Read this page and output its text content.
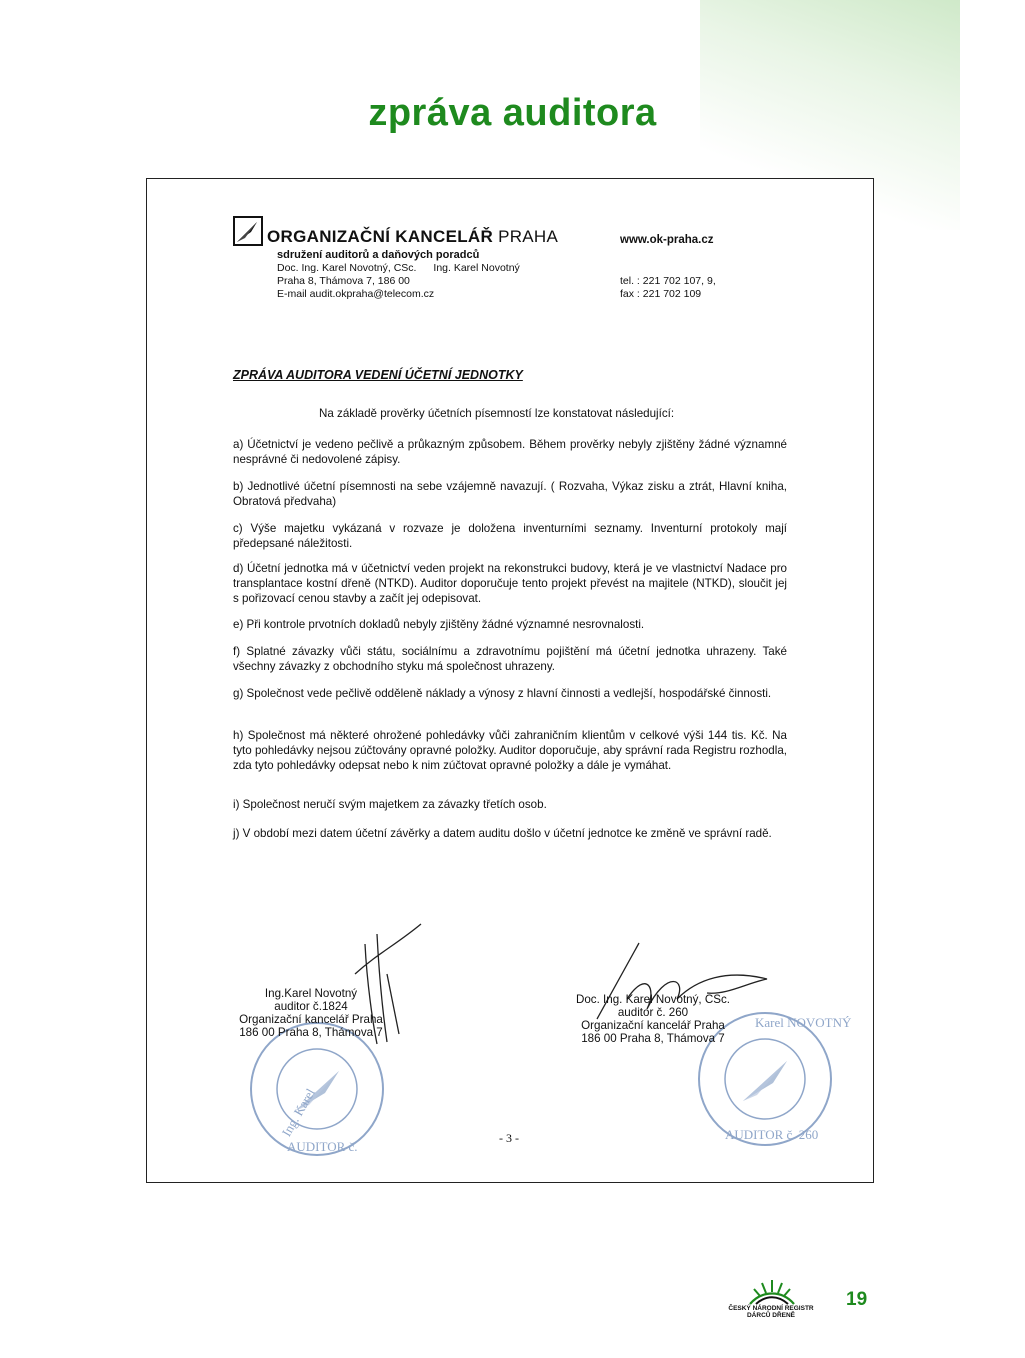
zpráva auditora
ORGANIZAČNÍ KANCELÁŘ PRAHA
sdružení auditorů a daňových poradců
Doc. Ing. Karel Novotný, CSc. Ing. Karel Novotný
Praha 8, Thámova 7, 186 00
E-mail audit.okpraha@telecom.cz
www.ok-praha.cz
tel. : 221 702 107, 9,
fax : 221 702 109
ZPRÁVA AUDITORA VEDENÍ ÚČETNÍ JEDNOTKY
Na základě prověrky účetních písemností lze konstatovat následující:
a) Účetnictví je vedeno pečlivě a průkazným způsobem. Během prověrky nebyly zjištěny žádné významné nesprávné či nedovolené zápisy.
b) Jednotlivé účetní písemnosti na sebe vzájemně navazují. ( Rozvaha, Výkaz zisku a ztrát, Hlavní kniha, Obratová předvaha)
c) Výše majetku vykázaná v rozvaze je doložena inventurními seznamy. Inventurní protokoly mají předepsané náležitosti.
d) Účetní jednotka má v účetnictví veden projekt na rekonstrukci budovy, která je ve vlastnictví Nadace pro transplantace kostní dřeně (NTKD). Auditor doporučuje tento projekt převést na majitele (NTKD), sloučit jej s pořizovací cenou stavby a začít jej odepisovat.
e) Při kontrole prvotních dokladů nebyly zjištěny žádné významné nesrovnalosti.
f) Splatné závazky vůči státu, sociálnímu a zdravotnímu pojištění má účetní jednotka uhrazeny. Také všechny závazky z obchodního styku má společnost uhrazeny.
g) Společnost vede pečlivě odděleně náklady a výnosy z hlavní činnosti a vedlejší, hospodářské činnosti.
h) Společnost má některé ohrožené pohledávky vůči zahraničním klientům v celkové výši 144 tis. Kč. Na tyto pohledávky nejsou zúčtovány opravné položky. Auditor doporučuje, aby správní rada Registru rozhodla, zda tyto pohledávky odepsat nebo k nim zúčtovat opravné položky a dále je vymáhat.
i) Společnost neručí svým majetkem za závazky třetích osob.
j) V období mezi datem účetní závěrky a datem auditu došlo v účetní jednotce ke změně ve správní radě.
Ing. Karel
AUDITOR č.
Karel NOVOTNÝ
AUDITOR č. 260
Ing.Karel Novotný
auditor č.1824
Organizační kancelář Praha
186 00 Praha 8, Thámova 7
Doc. Ing. Karel Novotný, CSc.
auditor č. 260
Organizační kancelář Praha
186 00 Praha 8, Thámova 7
- 3 -
ČESKÝ NÁRODNÍ REGISTR
DÁRCŮ DŘENĚ
19
